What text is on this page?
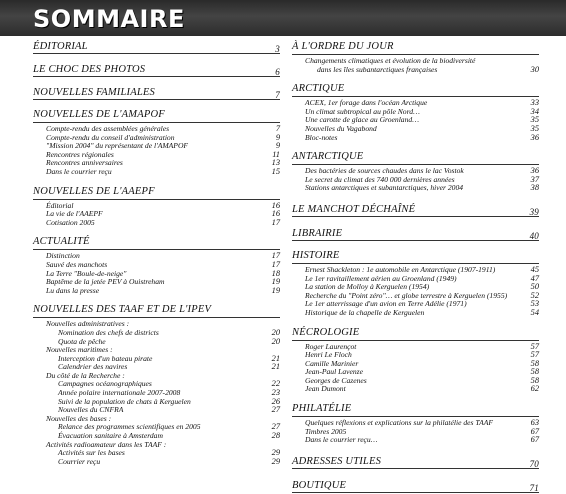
SOMMAIRE
ÉDITORIAL	3
LE CHOC DES PHOTOS	6
NOUVELLES FAMILIALES	7
NOUVELLES DE L'AMAPOF
Compte-rendu des assemblées générales	7
Compte-rendu du conseil d'administration	9
"Mission 2004" du représentant de l'AMAPOF	9
Rencontres régionales	11
Rencontres anniversaires	13
Dans le courrier reçu	15
NOUVELLES DE L'AAEPF
Éditorial	16
La vie de l'AAEPF	16
Cotisation 2005	17
ACTUALITÉ
Distinction	17
Sauvé des manchots	17
La Terre "Boule-de-neige"	18
Baptême de la jetée PEV à Ouistreham	19
Lu dans la presse	19
NOUVELLES DES TAAF ET DE L'IPEV
Nouvelles administratives :
Nomination des chefs de districts	20
Quota de pêche	20
Nouvelles maritimes :
Interception d'un bateau pirate	21
Calendrier des navires	21
Du côté de la Recherche :
Campagnes océanographiques	22
Année polaire internationale 2007-2008	23
Suivi de la population de chats à Kerguelen	26
Nouvelles du CNFRA	27
Nouvelles des bases :
Relance des programmes scientifiques en 2005	27
Évacuation sanitaire à Amsterdam	28
Activités radioamateur dans les TAAF :
Activités sur les bases	29
Courrier reçu	29
À L'ORDRE DU JOUR
Changements climatiques et évolution de la biodiversité
dans les îles subantarctiques françaises	30
ARCTIQUE
ACEX, 1er forage dans l'océan Arctique	33
Un climat subtropical au pôle Nord…	34
Une carotte de glace au Groenland…	35
Nouvelles du Vagabond	35
Bloc-notes	36
ANTARCTIQUE
Des bactéries de sources chaudes dans le lac Vostok	36
Le secret du climat des 740 000 dernières années	37
Stations antarctiques et subantarctiques, hiver 2004	38
LE MANCHOT DÉCHAÎNÉ	39
LIBRAIRIE	40
HISTOIRE
Ernest Shackleton : 1e automobile en Antarctique (1907-1911)	45
Le 1er ravitaillement aérien au Groenland (1949)	47
La station de Molloy à Kerguelen (1954)	50
Recherche du "Point zéro"… et globe terrestre à Kerguelen (1955)	52
Le 1er atterrissage d'un avion en Terre Adélie (1971)	53
Historique de la chapelle de Kerguelen	54
NÉCROLOGIE
Roger Laurençot	57
Henri Le Floch	57
Camille Marinier	58
Jean-Paul Lavenze	58
Georges de Cazenes	58
Jean Dumont	62
PHILATÉLIE
Quelques réflexions et explications sur la philatélie des TAAF	63
Timbres 2005	67
Dans le courrier reçu…	67
ADRESSES UTILES	70
BOUTIQUE	71
